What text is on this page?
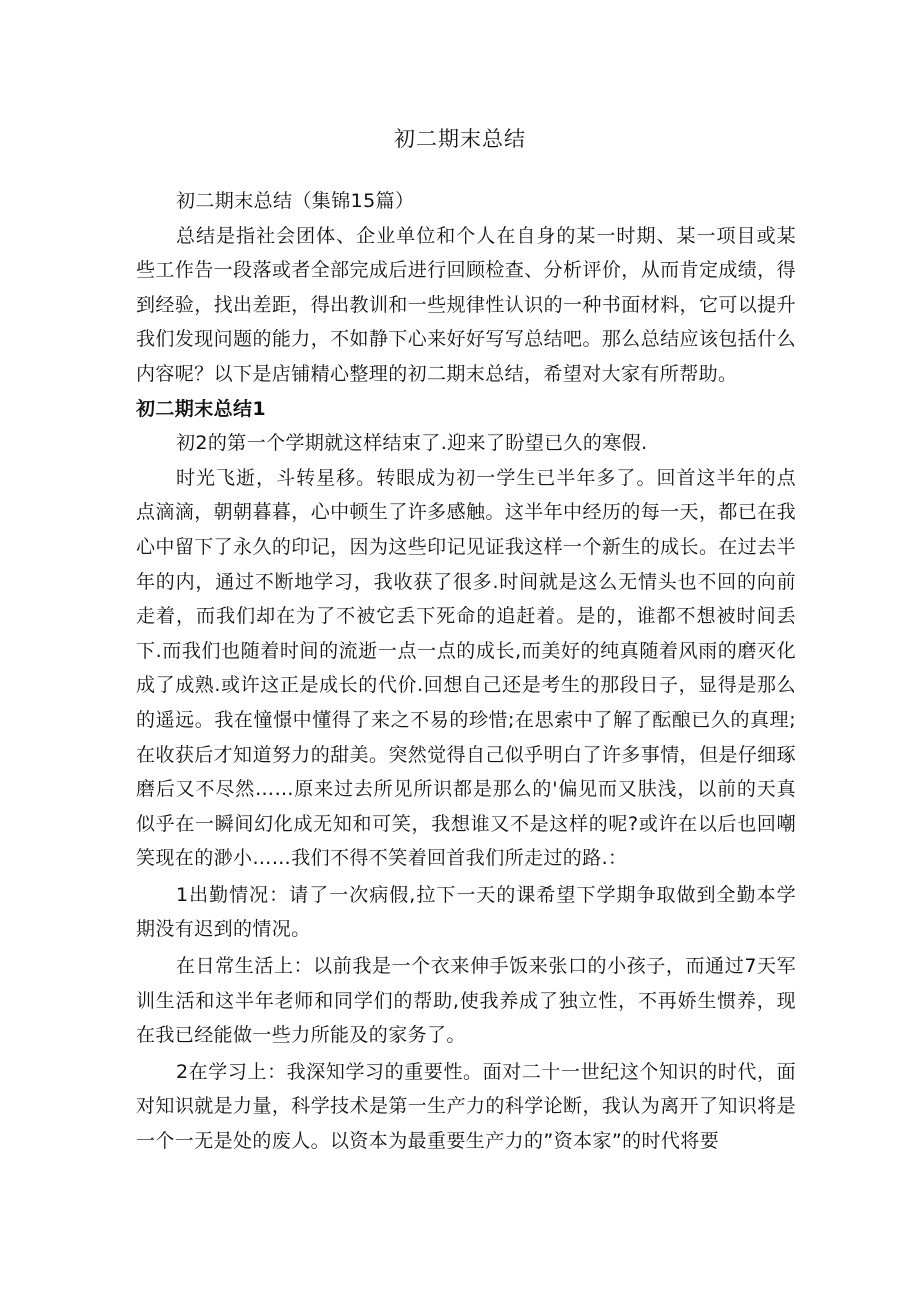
初二期末总结

初二期末总结（集锦15篇）

总结是指社会团体、企业单位和个人在自身的某一时期、某一项目或某些工作告一段落或者全部完成后进行回顾检查、分析评价，从而肯定成绩，得到经验，找出差距，得出教训和一些规律性认识的一种书面材料，它可以提升我们发现问题的能力，不如静下心来好好写写总结吧。那么总结应该包括什么内容呢？以下是店铺精心整理的初二期末总结，希望对大家有所帮助。

初二期末总结1

初2的第一个学期就这样结束了.迎来了盼望已久的寒假.

时光飞逝，斗转星移。转眼成为初一学生已半年多了。回首这半年的点点滴滴，朝朝暮暮，心中顿生了许多感触。这半年中经历的每一天，都已在我心中留下了永久的印记，因为这些印记见证我这样一个新生的成长。在过去半年的内，通过不断地学习，我收获了很多.时间就是这么无情头也不回的向前走着，而我们却在为了不被它丢下死命的追赶着。是的，谁都不想被时间丢下.而我们也随着时间的流逝一点一点的成长,而美好的纯真随着风雨的磨灭化成了成熟.或许这正是成长的代价.回想自己还是考生的那段日子，显得是那么的遥远。我在憧憬中懂得了来之不易的珍惜;在思索中了解了酝酿已久的真理;在收获后才知道努力的甜美。突然觉得自己似乎明白了许多事情，但是仔细琢磨后又不尽然……原来过去所见所识都是那么的'偏见而又肤浅，以前的天真似乎在一瞬间幻化成无知和可笑，我想谁又不是这样的呢?或许在以后也回嘲笑现在的渺小……我们不得不笑着回首我们所走过的路.：

1出勤情况：请了一次病假,拉下一天的课希望下学期争取做到全勤本学期没有迟到的情况。

在日常生活上：以前我是一个衣来伸手饭来张口的小孩子，而通过7天军训生活和这半年老师和同学们的帮助,使我养成了独立性，不再娇生惯养，现在我已经能做一些力所能及的家务了。

2在学习上：我深知学习的重要性。面对二十一世纪这个知识的时代，面对知识就是力量，科学技术是第一生产力的科学论断，我认为离开了知识将是一个一无是处的废人。以资本为最重要生产力的”资本家”的时代将要
